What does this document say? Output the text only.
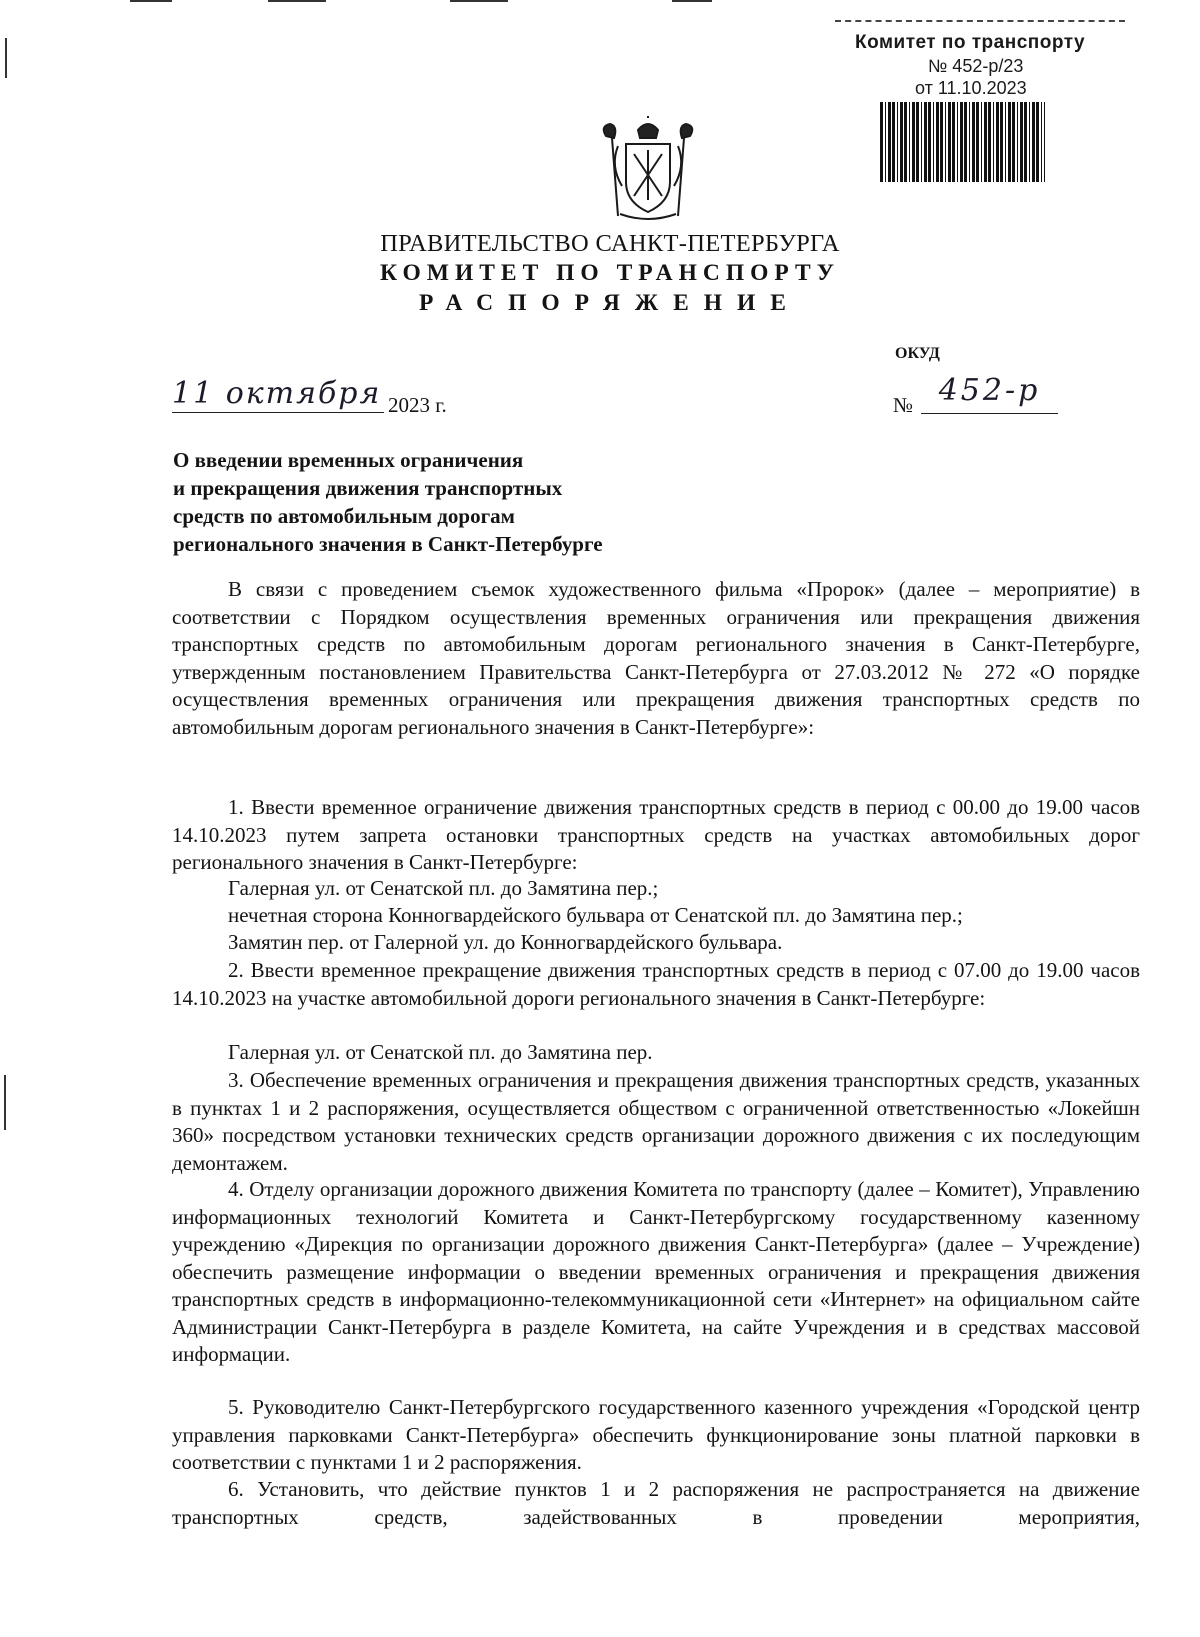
Комитет по транспорту
№ 452-р/23
от 11.10.2023
ПРАВИТЕЛЬСТВО САНКТ-ПЕТЕРБУРГА
КОМИТЕТ ПО ТРАНСПОРТУ
РАСПОРЯЖЕНИЕ
ОКУД
11 октября 2023 г.	№ 452-р
О введении временных ограничения
и прекращения движения транспортных
средств по автомобильным дорогам
регионального значения в Санкт-Петербурге
В связи с проведением съемок художественного фильма «Пророк» (далее – мероприятие) в соответствии с Порядком осуществления временных ограничения или прекращения движения транспортных средств по автомобильным дорогам регионального значения в Санкт-Петербурге, утвержденным постановлением Правительства Санкт-Петербурга от 27.03.2012 № 272 «О порядке осуществления временных ограничения или прекращения движения транспортных средств по автомобильным дорогам регионального значения в Санкт-Петербурге»:
1. Ввести временное ограничение движения транспортных средств в период с 00.00 до 19.00 часов 14.10.2023 путем запрета остановки транспортных средств на участках автомобильных дорог регионального значения в Санкт-Петербурге:
Галерная ул. от Сенатской пл. до Замятина пер.;
нечетная сторона Конногвардейского бульвара от Сенатской пл. до Замятина пер.;
Замятин пер. от Галерной ул. до Конногвардейского бульвара.
2. Ввести временное прекращение движения транспортных средств в период с 07.00 до 19.00 часов 14.10.2023 на участке автомобильной дороги регионального значения в Санкт-Петербурге:
Галерная ул. от Сенатской пл. до Замятина пер.
3. Обеспечение временных ограничения и прекращения движения транспортных средств, указанных в пунктах 1 и 2 распоряжения, осуществляется обществом с ограниченной ответственностью «Локейшн 360» посредством установки технических средств организации дорожного движения с их последующим демонтажем.
4. Отделу организации дорожного движения Комитета по транспорту (далее – Комитет), Управлению информационных технологий Комитета и Санкт-Петербургскому государственному казенному учреждению «Дирекция по организации дорожного движения Санкт-Петербурга» (далее – Учреждение) обеспечить размещение информации о введении временных ограничения и прекращения движения транспортных средств в информационно-телекоммуникационной сети «Интернет» на официальном сайте Администрации Санкт-Петербурга в разделе Комитета, на сайте Учреждения и в средствах массовой информации.
5. Руководителю Санкт-Петербургского государственного казенного учреждения «Городской центр управления парковками Санкт-Петербурга» обеспечить функционирование зоны платной парковки в соответствии с пунктами 1 и 2 распоряжения.
6. Установить, что действие пунктов 1 и 2 распоряжения не распространяется на движение транспортных средств, задействованных в проведении мероприятия,
